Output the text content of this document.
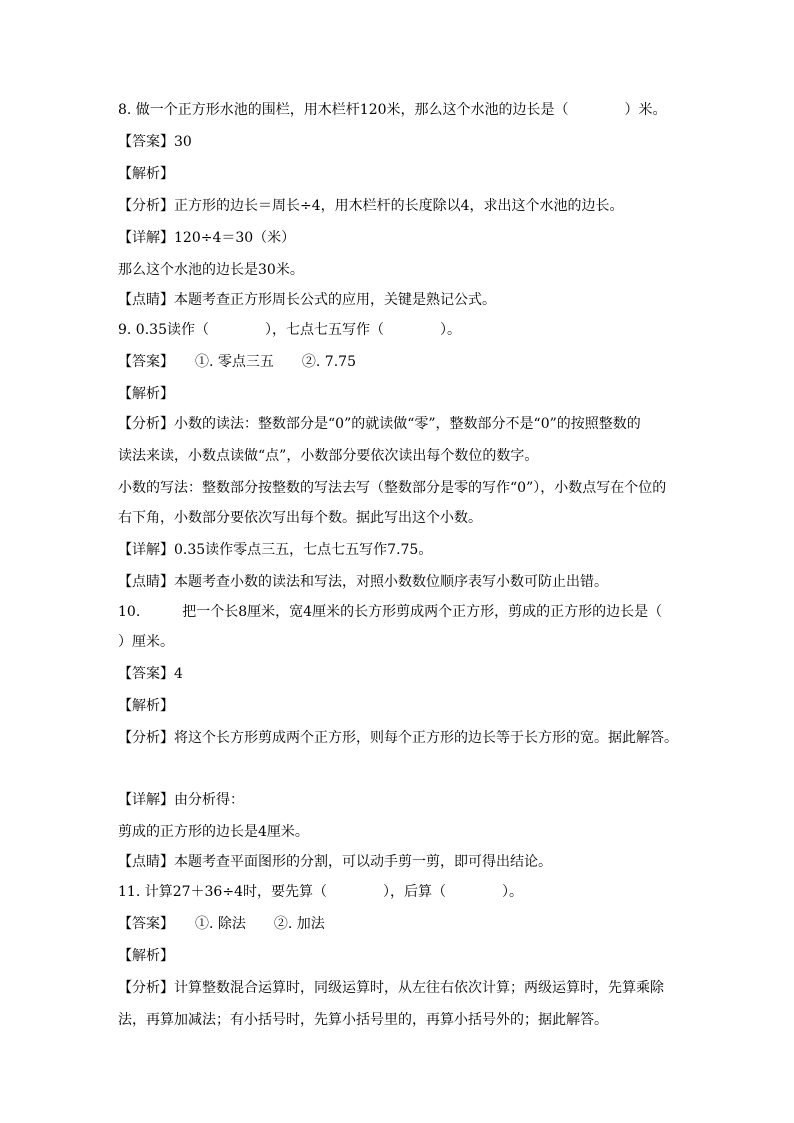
8. 做一个正方形水池的围栏，用木栏杆120米，那么这个水池的边长是（　　　　）米。
【答案】30
【解析】
【分析】正方形的边长＝周长÷4，用木栏杆的长度除以4，求出这个水池的边长。
【详解】120÷4＝30（米）
那么这个水池的边长是30米。
【点睛】本题考查正方形周长公式的应用，关键是熟记公式。
9. 0.35读作（　　　　），七点七五写作（　　　　）。
【答案】　　①. 零点三五　　②. 7.75
【解析】
【分析】小数的读法：整数部分是“0”的就读做“零”，整数部分不是“0”的按照整数的
读法来读，小数点读做“点”，小数部分要依次读出每个数位的数字。
小数的写法：整数部分按整数的写法去写（整数部分是零的写作“0”），小数点写在个位的
右下角，小数部分要依次写出每个数。据此写出这个小数。
【详解】0.35读作零点三五，七点七五写作7.75。
【点睛】本题考查小数的读法和写法，对照小数数位顺序表写小数可防止出错。
10.　　　把一个长8厘米，宽4厘米的长方形剪成两个正方形，剪成的正方形的边长是（
）厘米。
【答案】4
【解析】
【分析】将这个长方形剪成两个正方形，则每个正方形的边长等于长方形的宽。据此解答。
【详解】由分析得：
剪成的正方形的边长是4厘米。
【点睛】本题考查平面图形的分割，可以动手剪一剪，即可得出结论。
11. 计算27＋36÷4时，要先算（　　　　），后算（　　　　）。
【答案】　　①. 除法　　②. 加法
【解析】
【分析】计算整数混合运算时，同级运算时，从左往右依次计算；两级运算时，先算乘除
法，再算加减法；有小括号时，先算小括号里的，再算小括号外的；据此解答。
